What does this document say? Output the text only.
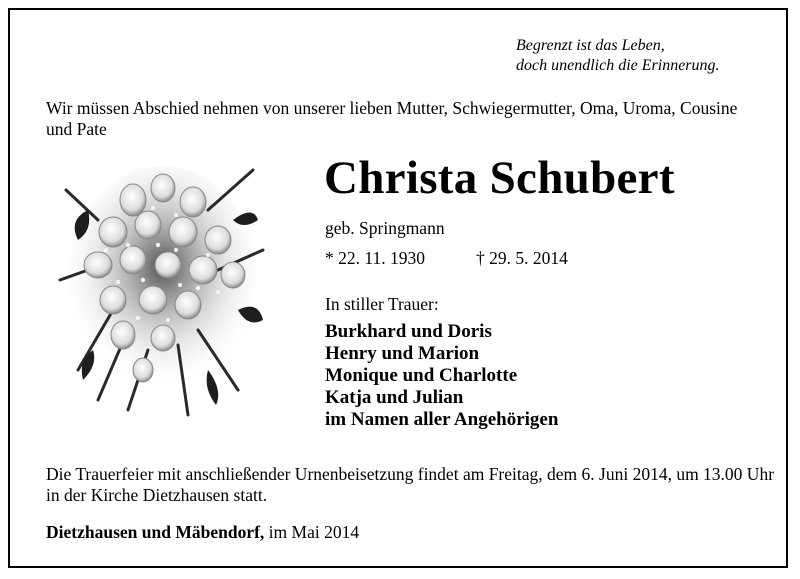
Begrenzt ist das Leben,
doch unendlich die Erinnerung.
Wir müssen Abschied nehmen von unserer lieben Mutter, Schwiegermutter, Oma, Uroma, Cousine und Pate
Christa Schubert
geb. Springmann
* 22. 11. 1930	† 29. 5. 2014
In stiller Trauer:
Burkhard und Doris
Henry und Marion
Monique und Charlotte
Katja und Julian
im Namen aller Angehörigen
Die Trauerfeier mit anschließender Urnenbeisetzung findet am Freitag, dem 6. Juni 2014, um 13.00 Uhr in der Kirche Dietzhausen statt.
Dietzhausen und Mäbendorf, im Mai 2014
